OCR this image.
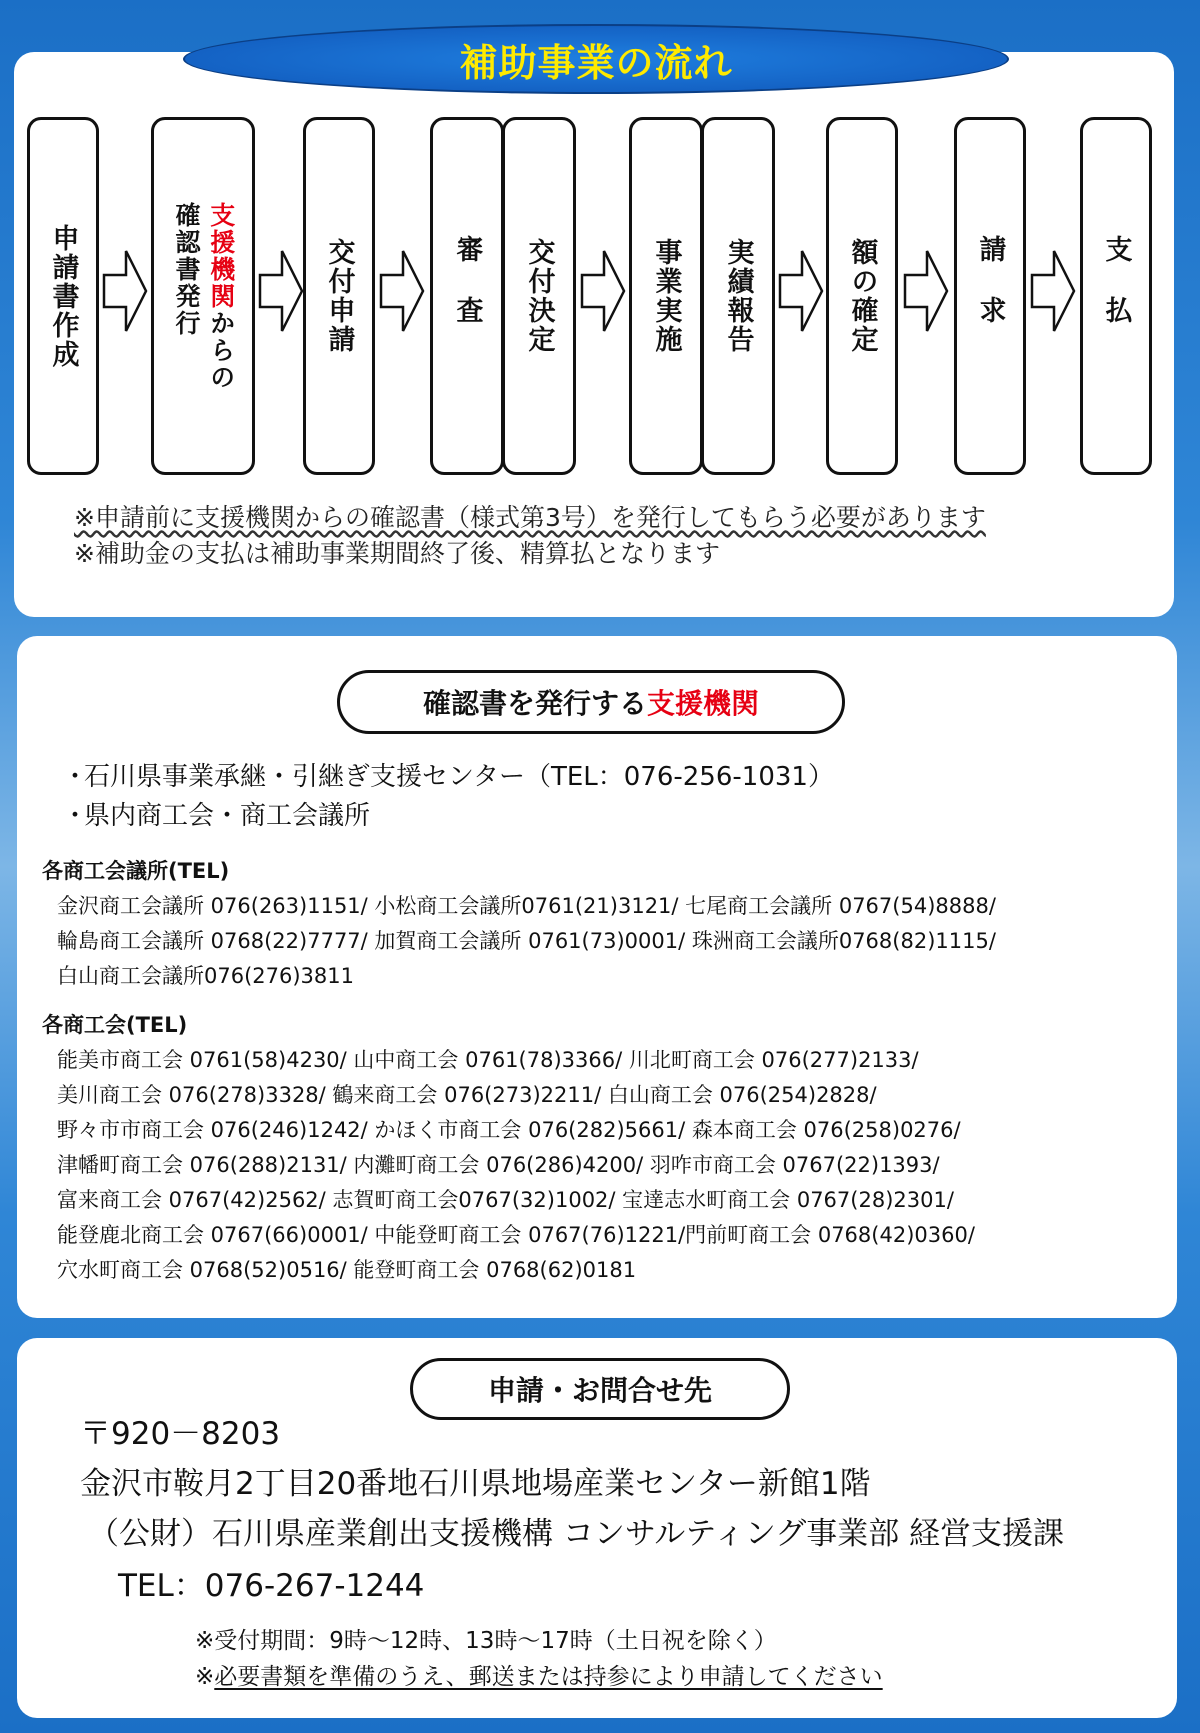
補助事業の流れ
申請書作成	支援機関からの
確認書発行	交付申請	審査 交付決定	事業実施 実績報告	額の確定	請求	支払
※申請前に支援機関からの確認書（様式第3号）を発行してもらう必要があります
※補助金の支払は補助事業期間終了後、精算払となります
確認書を発行する 支援機関
・石川県事業承継・引継ぎ支援センター（TEL：076-256-1031）
・県内商工会・商工会議所
各商工会議所(TEL)
金沢商工会議所 076(263)1151/ 小松商工会議所0761(21)3121/ 七尾商工会議所 0767(54)8888/
輪島商工会議所 0768(22)7777/ 加賀商工会議所 0761(73)0001/ 珠洲商工会議所0768(82)1115/
白山商工会議所076(276)3811
各商工会(TEL)
能美市商工会 0761(58)4230/ 山中商工会 0761(78)3366/ 川北町商工会 076(277)2133/
美川商工会 076(278)3328/ 鶴来商工会 076(273)2211/ 白山商工会 076(254)2828/
野々市市商工会 076(246)1242/ かほく市商工会 076(282)5661/ 森本商工会 076(258)0276/
津幡町商工会 076(288)2131/ 内灘町商工会 076(286)4200/ 羽咋市商工会 0767(22)1393/
富来商工会 0767(42)2562/ 志賀町商工会0767(32)1002/ 宝達志水町商工会 0767(28)2301/
能登鹿北商工会 0767(66)0001/ 中能登町商工会 0767(76)1221/門前町商工会 0768(42)0360/
穴水町商工会 0768(52)0516/ 能登町商工会 0768(62)0181
申請・お問合せ先
〒920－8203
金沢市鞍月2丁目20番地石川県地場産業センター新館1階
（公財）石川県産業創出支援機構 コンサルティング事業部 経営支援課
TEL：076-267-1244
※受付期間：9時～12時、13時～17時（土日祝を除く）
※必要書類を準備のうえ、郵送または持参により申請してください
